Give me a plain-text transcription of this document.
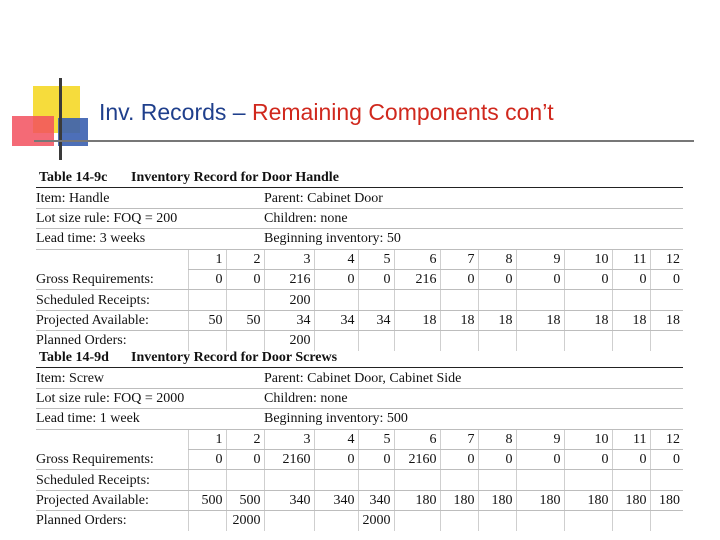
Inv. Records – Remaining Components con’t
Table 14-9c Inventory Record for Door Handle												
Item: Handle			Parent: Cabinet Door									
Lot size rule: FOQ = 200			Children: none									
Lead time: 3 weeks			Beginning inventory: 50									
	1	2	3	4	5	6	7	8	9	10	11	12
Gross Requirements:	0	0	216	0	0	216	0	0	0	0	0	0
Scheduled Receipts:			200									
Projected Available:	50	50	34	34	34	18	18	18	18	18	18	18
Planned Orders:			200									
Table 14-9d Inventory Record for Door Screws												
Item: Screw			Parent: Cabinet Door, Cabinet Side									
Lot size rule: FOQ = 2000			Children: none									
Lead time: 1 week			Beginning inventory: 500									
	1	2	3	4	5	6	7	8	9	10	11	12
Gross Requirements:	0	0	2160	0	0	2160	0	0	0	0	0	0
Scheduled Receipts:												
Projected Available:	500	500	340	340	340	180	180	180	180	180	180	180
Planned Orders:		2000			2000							
